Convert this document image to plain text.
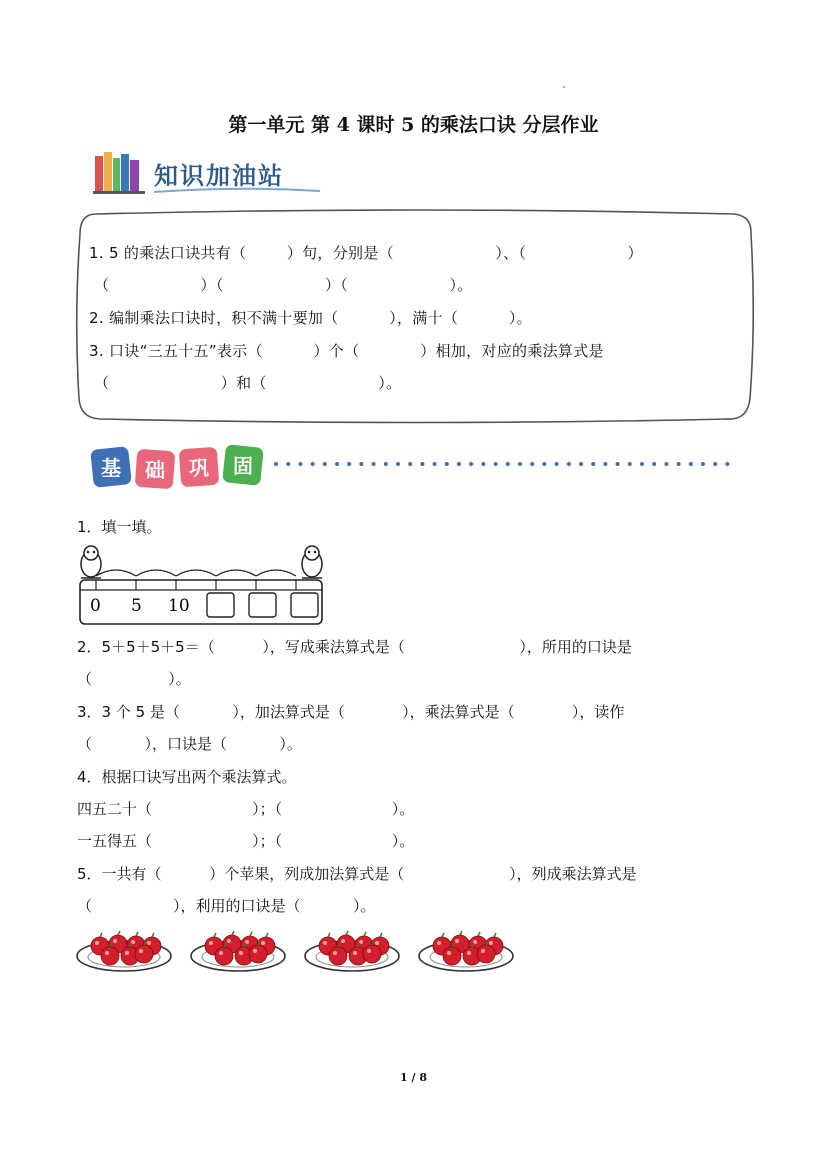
第一单元 第 4 课时 5 的乘法口诀 分层作业
知识加油站
1. 5 的乘法口诀共有（        ）句，分别是（                    ）、（                    ）
（                  ）（                    ）（                    ）。
2. 编制乘法口诀时，积不满十要加（          ），满十（          ）。
3. 口诀“三五十五”表示（          ）个（            ）相加，对应的乘法算式是
（                      ）和（                      ）。
基 础 巩 固
1．填一填。
0 5 10
2．5＋5＋5＋5＝（          ），写成乘法算式是（                        ），所用的口诀是
（                ）。
3．3 个 5 是（           ），加法算式是（            ），乘法算式是（            ），读作
（           ），口诀是（           ）。
4．根据口诀写出两个乘法算式。
四五二十（                     ）；（                       ）。
一五得五（                     ）；（                       ）。
5．一共有（          ）个苹果，列成加法算式是（                      ），列成乘法算式是
（                 ），利用的口诀是（           ）。
1 / 8
